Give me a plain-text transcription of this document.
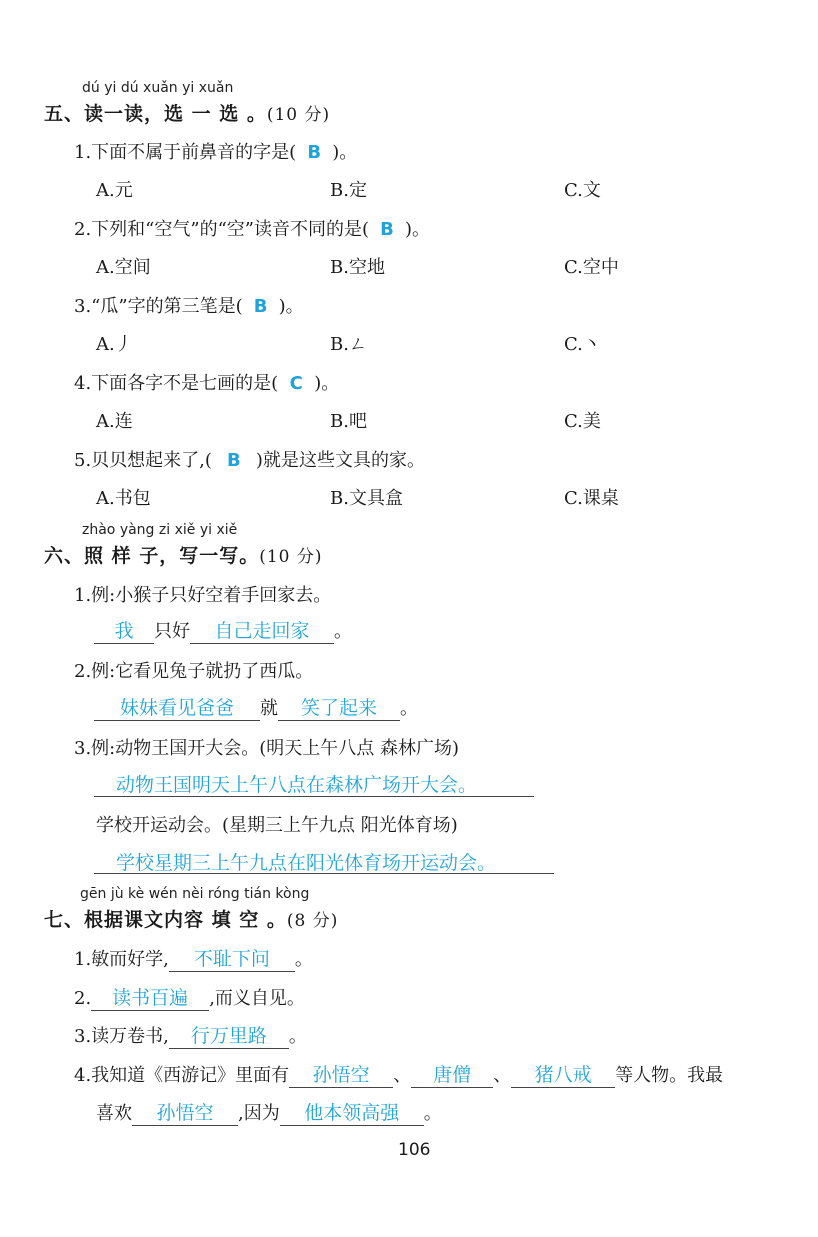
dú yi dú xuǎn yi xuǎn
五、读一读，选 一 选 。(10 分)
1.下面不属于前鼻音的字是( B )。
A.元	B.定	C.文
2.下列和“空气”的“空”读音不同的是( B )。
A.空间	B.空地	C.空中
3.“瓜”字的第三笔是( B )。
A.丿	B.ㄥ	C.丶
4.下面各字不是七画的是( C )。
A.连	B.吧	C.美
5.贝贝想起来了,( B )就是这些文具的家。
A.书包	B.文具盒	C.课桌
zhào yàng zi xiě yi xiě
六、照 样 子，写一写。(10 分)
1.例:小猴子只好空着手回家去。
我 只好 自己走回家 。
2.例:它看见兔子就扔了西瓜。
妹妹看见爸爸 就 笑了起来 。
3.例:动物王国开大会。(明天上午八点 森林广场)
动物王国明天上午八点在森林广场开大会。
学校开运动会。(星期三上午九点 阳光体育场)
学校星期三上午九点在阳光体育场开运动会。
gēn jù kè wén nèi róng tián kòng
七、根据课文内容 填 空 。(8 分)
1.敏而好学, 不耻下问 。
2. 读书百遍 ,而义自见。
3.读万卷书, 行万里路 。
4.我知道《西游记》里面有 孙悟空 、 唐僧 、 猪八戒 等人物。我最
喜欢 孙悟空 ,因为 他本领高强 。
106
